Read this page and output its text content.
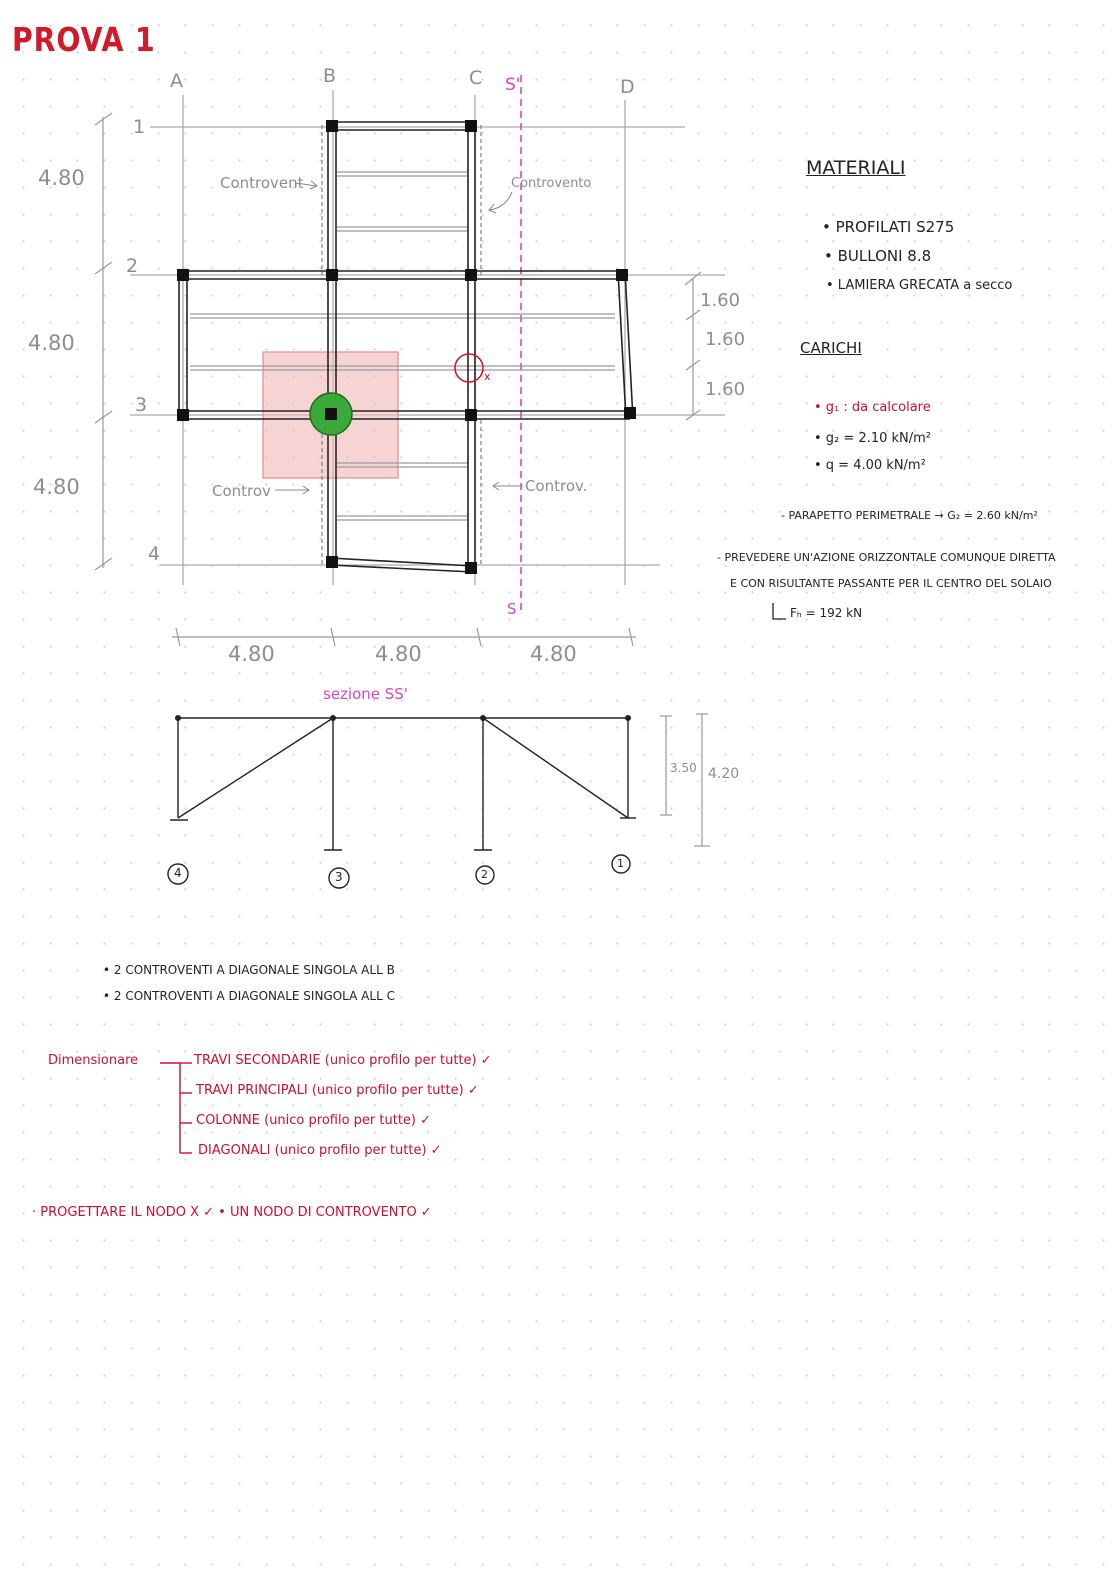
PROVA 1
A	B	C	D
1
2
3
4
S'
S
4.80
4.80
4.80
4.80	4.80	4.80
1.60
1.60
1.60
Controvent	Controvento
Controv	Controv.
x
sezione SS'
3.50 4.20
4	3	2
1
MATERIALI
• PROFILATI S275
• BULLONI 8.8
• LAMIERA GRECATA a secco
CARICHI
• g₁ : da calcolare
• g₂ = 2.10 kN/m²
• q = 4.00 kN/m²
- PARAPETTO PERIMETRALE → G₂ = 2.60 kN/m²
- PREVEDERE UN'AZIONE ORIZZONTALE COMUNQUE DIRETTA
E CON RISULTANTE PASSANTE PER IL CENTRO DEL SOLAIO
Fₕ = 192 kN
• 2 CONTROVENTI A DIAGONALE SINGOLA ALL B
• 2 CONTROVENTI A DIAGONALE SINGOLA ALL C
Dimensionare	TRAVI SECONDARIE (unico profilo per tutte) ✓
TRAVI PRINCIPALI (unico profilo per tutte) ✓
COLONNE (unico profilo per tutte) ✓
DIAGONALI (unico profilo per tutte) ✓
· PROGETTARE IL NODO X ✓ • UN NODO DI CONTROVENTO ✓
